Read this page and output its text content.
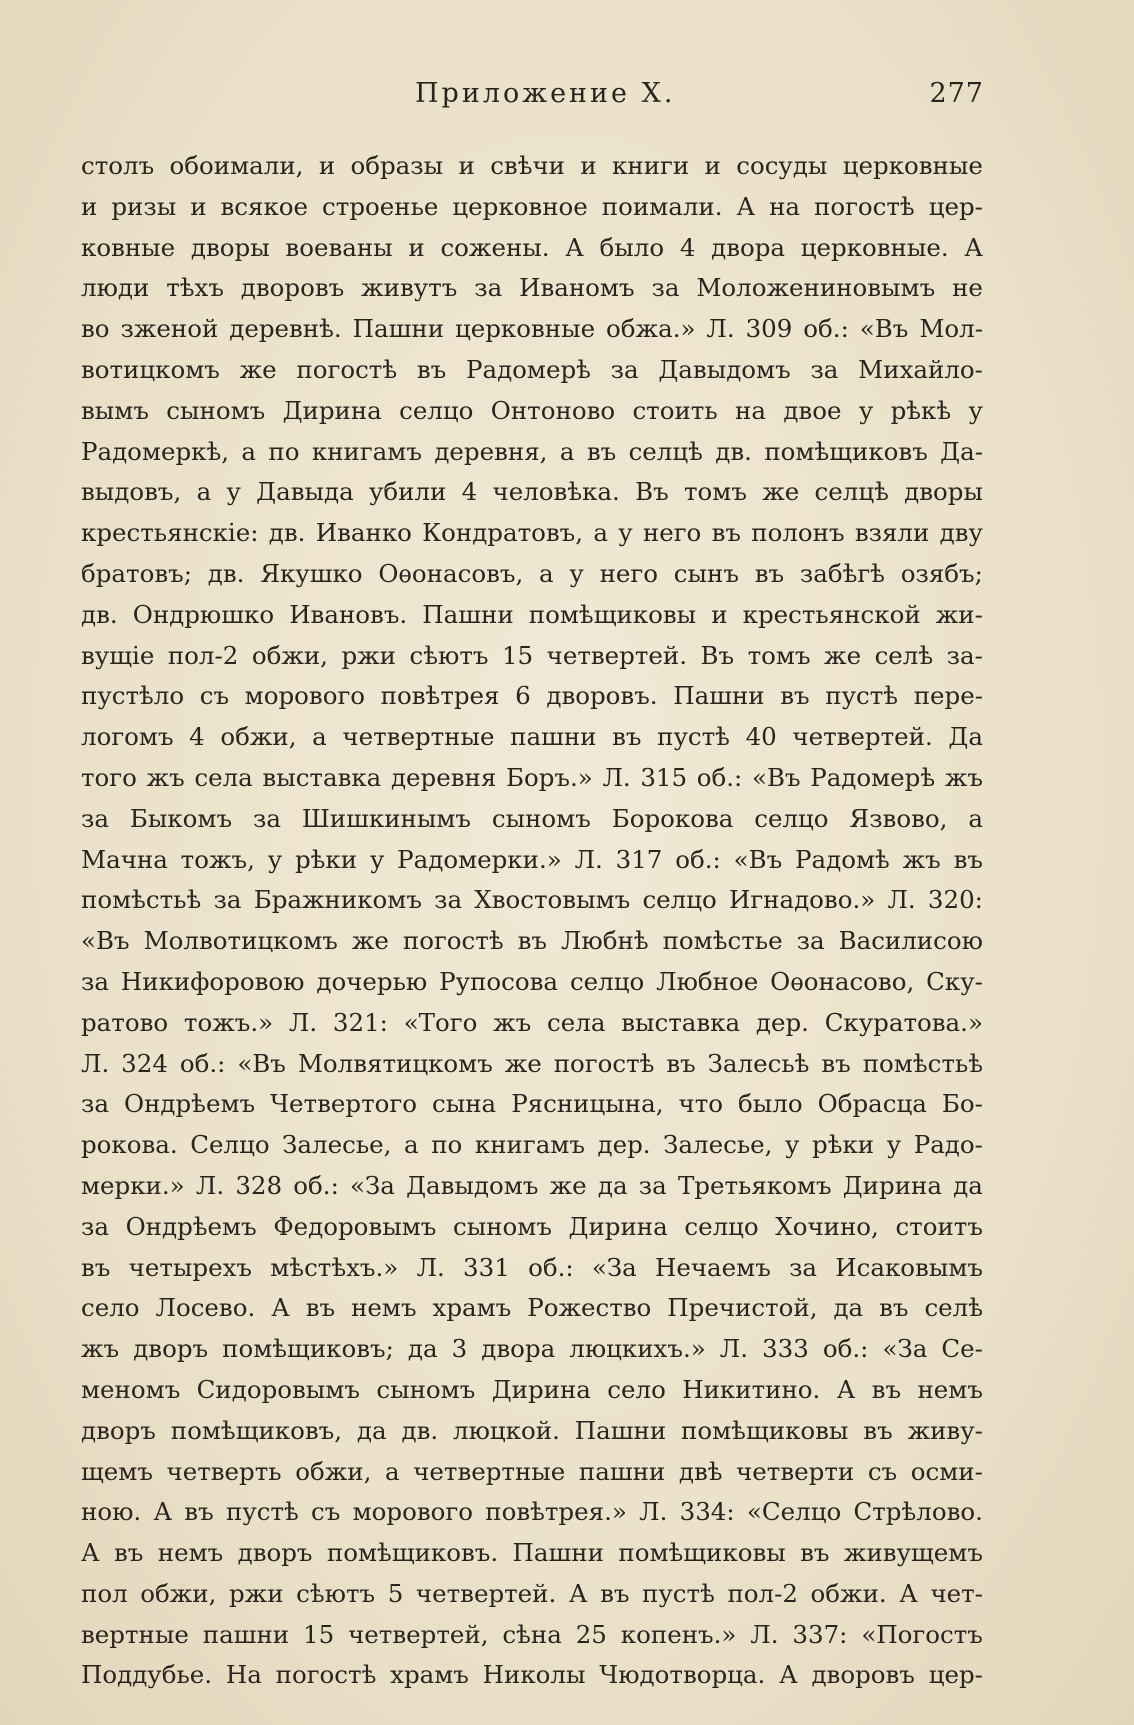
Приложение X.	277
столъ обоимали, и образы и свѣчи и книги и сосуды церковные
и ризы и всякое строенье церковное поимали. А на погостѣ цер-
ковные дворы воеваны и сожены. А было 4 двора церковные. А
люди тѣхъ дворовъ живутъ за Иваномъ за Моложениновымъ не
во зженой деревнѣ. Пашни церковные обжа.» Л. 309 об.: «Въ Мол-
вотицкомъ же погостѣ въ Радомерѣ за Давыдомъ за Михайло-
вымъ сыномъ Дирина селцо Онтоново стоить на двое у рѣкѣ у
Радомеркѣ, а по книгамъ деревня, а въ селцѣ дв. помѣщиковъ Да-
выдовъ, а у Давыда убили 4 человѣка. Въ томъ же селцѣ дворы
крестьянскіе: дв. Иванко Кондратовъ, а у него въ полонъ взяли дву
братовъ; дв. Якушко Оѳонасовъ, а у него сынъ въ забѣгѣ озябъ;
дв. Ондрюшко Ивановъ. Пашни помѣщиковы и крестьянской жи-
вущіе пол-2 обжи, ржи сѣютъ 15 четвертей. Въ томъ же селѣ за-
пустѣло съ морового повѣтрея 6 дворовъ. Пашни въ пустѣ пере-
логомъ 4 обжи, а четвертные пашни въ пустѣ 40 четвертей. Да
того жъ села выставка деревня Боръ.» Л. 315 об.: «Въ Радомерѣ жъ
за Быкомъ за Шишкинымъ сыномъ Борокова селцо Язвово, а
Мачна тожъ, у рѣки у Радомерки.» Л. 317 об.: «Въ Радомѣ жъ въ
помѣстьѣ за Бражникомъ за Хвостовымъ селцо Игнадово.» Л. 320:
«Въ Молвотицкомъ же погостѣ въ Любнѣ помѣстье за Василисою
за Никифоровою дочерью Рупосова селцо Любное Оѳонасово, Ску-
ратово тожъ.» Л. 321: «Того жъ села выставка дер. Скуратова.»
Л. 324 об.: «Въ Молвятицкомъ же погостѣ въ Залесьѣ въ помѣстьѣ
за Ондрѣемъ Четвертого сына Рясницына, что было Обрасца Бо-
рокова. Селцо Залесье, а по книгамъ дер. Залесье, у рѣки у Радо-
мерки.» Л. 328 об.: «За Давыдомъ же да за Третьякомъ Дирина да
за Ондрѣемъ Федоровымъ сыномъ Дирина селцо Хочино, стоитъ
въ четырехъ мѣстѣхъ.» Л. 331 об.: «За Нечаемъ за Исаковымъ
село Лосево. А въ немъ храмъ Рожество Пречистой, да въ селѣ
жъ дворъ помѣщиковъ; да 3 двора люцкихъ.» Л. 333 об.: «За Се-
меномъ Сидоровымъ сыномъ Дирина село Никитино. А въ немъ
дворъ помѣщиковъ, да дв. люцкой. Пашни помѣщиковы въ живу-
щемъ четверть обжи, а четвертные пашни двѣ четверти съ осми-
ною. А въ пустѣ съ морового повѣтрея.» Л. 334: «Селцо Стрѣлово.
А въ немъ дворъ помѣщиковъ. Пашни помѣщиковы въ живущемъ
пол обжи, ржи сѣютъ 5 четвертей. А въ пустѣ пол-2 обжи. А чет-
вертные пашни 15 четвертей, сѣна 25 копенъ.» Л. 337: «Погостъ
Поддубье. На погостѣ храмъ Николы Чюдотворца. А дворовъ цер-
